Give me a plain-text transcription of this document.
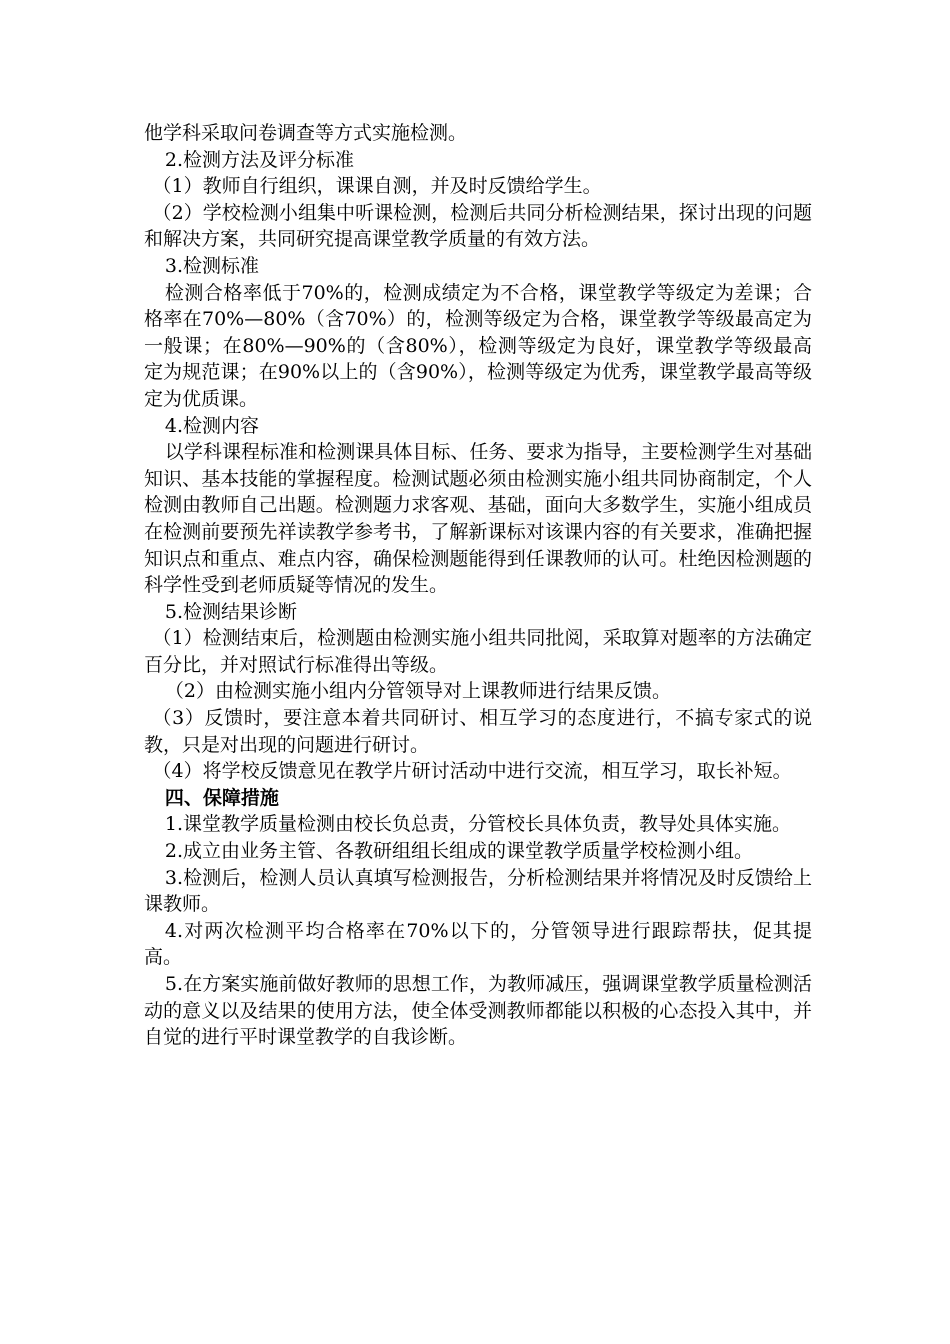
他学科采取问卷调查等方式实施检测。

2.检测方法及评分标准

（1）教师自行组织，课课自测，并及时反馈给学生。

（2）学校检测小组集中听课检测，检测后共同分析检测结果，探讨出现的问题和解决方案，共同研究提高课堂教学质量的有效方法。

3.检测标准

检测合格率低于70%的，检测成绩定为不合格，课堂教学等级定为差课；合格率在70%—80%（含70%）的，检测等级定为合格，课堂教学等级最高定为一般课；在80%—90%的（含80%），检测等级定为良好，课堂教学等级最高定为规范课；在90%以上的（含90%），检测等级定为优秀，课堂教学最高等级定为优质课。

4.检测内容

以学科课程标准和检测课具体目标、任务、要求为指导，主要检测学生对基础知识、基本技能的掌握程度。检测试题必须由检测实施小组共同协商制定，个人检测由教师自己出题。检测题力求客观、基础，面向大多数学生，实施小组成员在检测前要预先祥读教学参考书，了解新课标对该课内容的有关要求，准确把握知识点和重点、难点内容，确保检测题能得到任课教师的认可。杜绝因检测题的科学性受到老师质疑等情况的发生。

5.检测结果诊断

（1）检测结束后，检测题由检测实施小组共同批阅，采取算对题率的方法确定百分比，并对照试行标准得出等级。

（2）由检测实施小组内分管领导对上课教师进行结果反馈。

（3）反馈时，要注意本着共同研讨、相互学习的态度进行，不搞专家式的说教，只是对出现的问题进行研讨。

（4）将学校反馈意见在教学片研讨活动中进行交流，相互学习，取长补短。

四、保障措施

1.课堂教学质量检测由校长负总责，分管校长具体负责，教导处具体实施。

2.成立由业务主管、各教研组组长组成的课堂教学质量学校检测小组。

3.检测后，检测人员认真填写检测报告，分析检测结果并将情况及时反馈给上课教师。

4.对两次检测平均合格率在70%以下的，分管领导进行跟踪帮扶，促其提高。

5.在方案实施前做好教师的思想工作，为教师减压，强调课堂教学质量检测活动的意义以及结果的使用方法，使全体受测教师都能以积极的心态投入其中，并自觉的进行平时课堂教学的自我诊断。
